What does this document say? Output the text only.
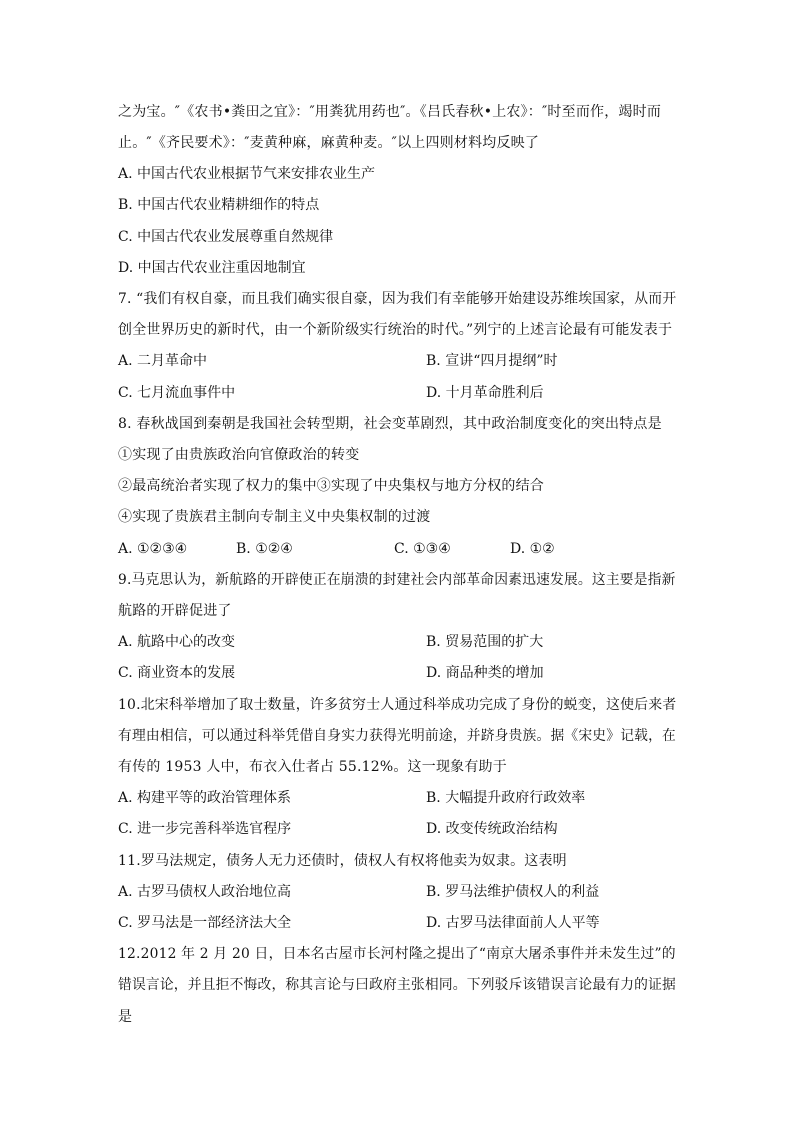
之为宝。″《农书•粪田之宜》：″用粪犹用药也″。《吕氏春秋•上农》：″时至而作，竭时而
止。″《齐民要术》：″麦黄种麻，麻黄种麦。″以上四则材料均反映了
A. 中国古代农业根据节气来安排农业生产
B. 中国古代农业精耕细作的特点
C. 中国古代农业发展尊重自然规律
D. 中国古代农业注重因地制宜
7. “我们有权自豪，而且我们确实很自豪，因为我们有幸能够开始建设苏维埃国家，从而开
创全世界历史的新时代，由一个新阶级实行统治的时代。”列宁的上述言论最有可能发表于
A. 二月革命中	B. 宣讲“四月提纲”时
C. 七月流血事件中	D. 十月革命胜利后
8. 春秋战国到秦朝是我国社会转型期，社会变革剧烈，其中政治制度变化的突出特点是
①实现了由贵族政治向官僚政治的转变
②最高统治者实现了权力的集中③实现了中央集权与地方分权的结合
④实现了贵族君主制向专制主义中央集权制的过渡
A. ①②③④	B. ①②④	C. ①③④	D. ①②
9.马克思认为，新航路的开辟使正在崩溃的封建社会内部革命因素迅速发展。这主要是指新
航路的开辟促进了
A. 航路中心的改变	B. 贸易范围的扩大
C. 商业资本的发展	D. 商品种类的增加
10.北宋科举增加了取士数量，许多贫穷士人通过科举成功完成了身份的蜕变，这使后来者
有理由相信，可以通过科举凭借自身实力获得光明前途，并跻身贵族。据《宋史》记载，在
有传的 1953 人中，布衣入仕者占 55.12%。这一现象有助于
A. 构建平等的政治管理体系	B. 大幅提升政府行政效率
C. 进一步完善科举选官程序	D. 改变传统政治结构
11.罗马法规定，债务人无力还债时，债权人有权将他卖为奴隶。这表明
A. 古罗马债权人政治地位高	B. 罗马法维护债权人的利益
C. 罗马法是一部经济法大全	D. 古罗马法律面前人人平等
12.2012 年 2 月 20 日，日本名古屋市长河村隆之提出了“南京大屠杀事件并未发生过”的
错误言论，并且拒不悔改，称其言论与曰政府主张相同。下列驳斥该错误言论最有力的证据
是
